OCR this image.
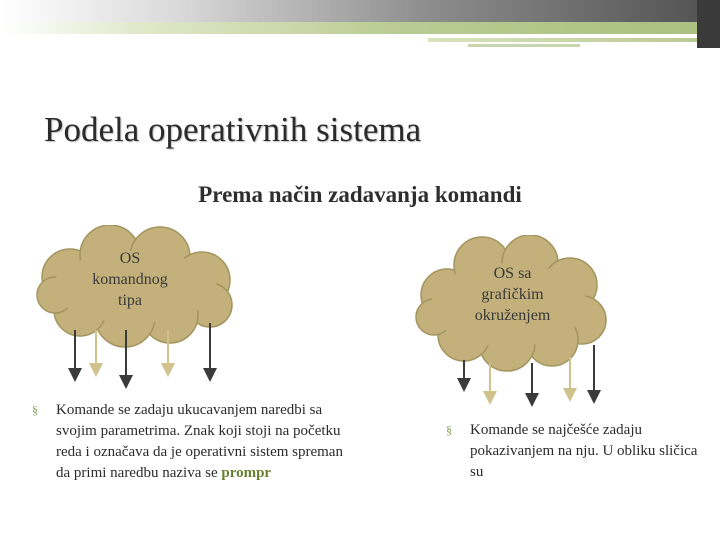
Podela operativnih sistema
Prema način zadavanja komandi
OS
komandnog
tipa
OS sa
grafičkim
okruženjem
§ Komande se zadaju ukucavanjem naredbi sa svojim parametrima. Znak koji stoji na početku reda i označava da je operativni sistem spreman da primi naredbu naziva se prompr
§ Komande se najčešće zadaju pokazivanjem na nju. U obliku sličica su
